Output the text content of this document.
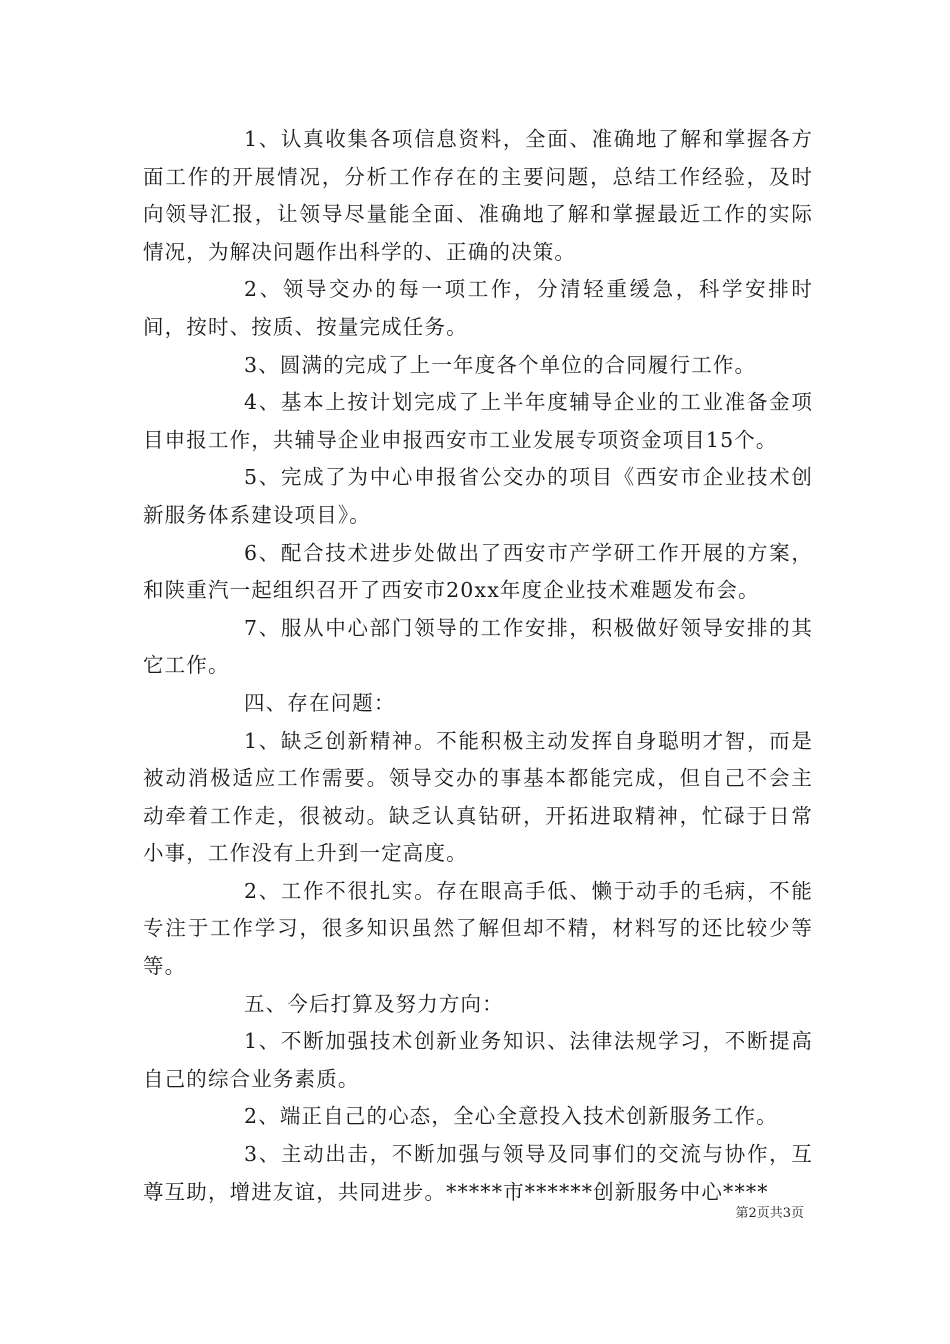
1、认真收集各项信息资料，全面、准确地了解和掌握各方面工作的开展情况，分析工作存在的主要问题，总结工作经验，及时向领导汇报，让领导尽量能全面、准确地了解和掌握最近工作的实际情况，为解决问题作出科学的、正确的决策。

2、领导交办的每一项工作，分清轻重缓急，科学安排时间，按时、按质、按量完成任务。

3、圆满的完成了上一年度各个单位的合同履行工作。

4、基本上按计划完成了上半年度辅导企业的工业准备金项目申报工作，共辅导企业申报西安市工业发展专项资金项目15个。

5、完成了为中心申报省公交办的项目《西安市企业技术创新服务体系建设项目》。

6、配合技术进步处做出了西安市产学研工作开展的方案，和陕重汽一起组织召开了西安市20xx年度企业技术难题发布会。

7、服从中心部门领导的工作安排，积极做好领导安排的其它工作。

四、存在问题：

1、缺乏创新精神。不能积极主动发挥自身聪明才智，而是被动消极适应工作需要。领导交办的事基本都能完成，但自己不会主动牵着工作走，很被动。缺乏认真钻研，开拓进取精神，忙碌于日常小事，工作没有上升到一定高度。

2、工作不很扎实。存在眼高手低、懒于动手的毛病，不能专注于工作学习，很多知识虽然了解但却不精，材料写的还比较少等等。

五、今后打算及努力方向：

1、不断加强技术创新业务知识、法律法规学习，不断提高自己的综合业务素质。

2、端正自己的心态，全心全意投入技术创新服务工作。

3、主动出击，不断加强与领导及同事们的交流与协作，互尊互助，增进友谊，共同进步。*****市******创新服务中心****

第2页共3页
